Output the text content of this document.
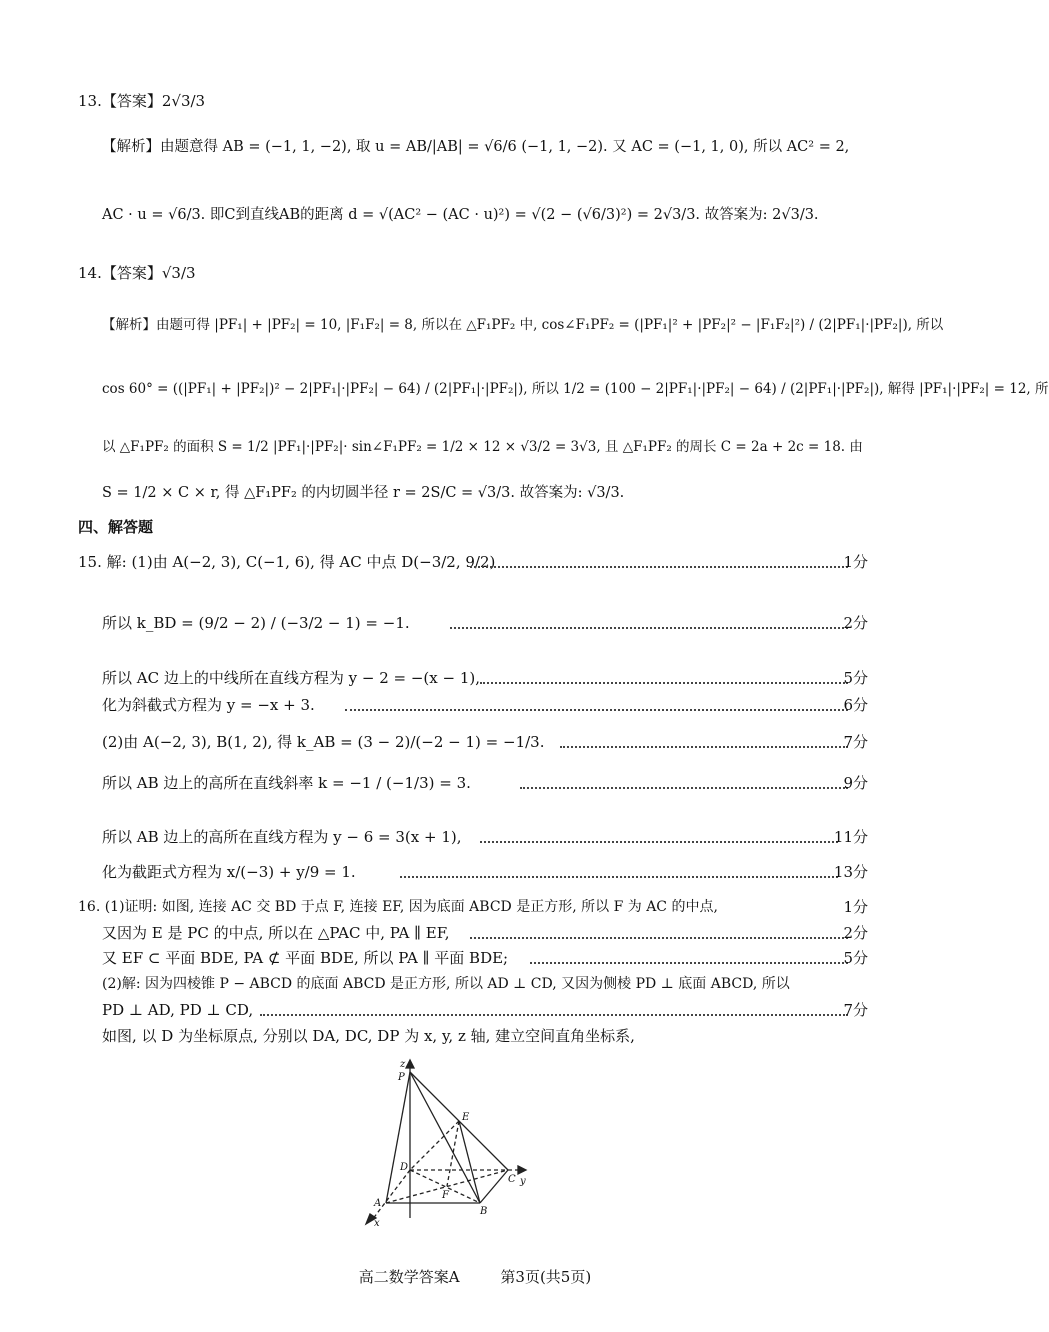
13.【答案】2√3/3
【解析】由题意得 AB = (−1, 1, −2), 取 u = AB/|AB| = √6/6 (−1, 1, −2). 又 AC = (−1, 1, 0), 所以 AC² = 2,
AC · u = √6/3. 即C到直线AB的距离 d = √(AC² − (AC · u)²) = √(2 − (√6/3)²) = 2√3/3. 故答案为: 2√3/3.
14.【答案】√3/3
【解析】由题可得 |PF₁| + |PF₂| = 10, |F₁F₂| = 8, 所以在 △F₁PF₂ 中, cos∠F₁PF₂ = (|PF₁|² + |PF₂|² − |F₁F₂|²) / (2|PF₁|·|PF₂|), 所以
cos 60° = ((|PF₁| + |PF₂|)² − 2|PF₁|·|PF₂| − 64) / (2|PF₁|·|PF₂|), 所以 1/2 = (100 − 2|PF₁|·|PF₂| − 64) / (2|PF₁|·|PF₂|), 解得 |PF₁|·|PF₂| = 12, 所
以 △F₁PF₂ 的面积 S = 1/2 |PF₁|·|PF₂|· sin∠F₁PF₂ = 1/2 × 12 × √3/2 = 3√3, 且 △F₁PF₂ 的周长 C = 2a + 2c = 18. 由
S = 1/2 × C × r, 得 △F₁PF₂ 的内切圆半径 r = 2S/C = √3/3. 故答案为: √3/3.
四、解答题
15. 解: (1)由 A(−2, 3), C(−1, 6), 得 AC 中点 D(−3/2, 9/2)	1分
所以 k_BD = (9/2 − 2) / (−3/2 − 1) = −1.	2分
所以 AC 边上的中线所在直线方程为 y − 2 = −(x − 1),	5分
化为斜截式方程为 y = −x + 3.	6分
(2)由 A(−2, 3), B(1, 2), 得 k_AB = (3 − 2)/(−2 − 1) = −1/3.	7分
所以 AB 边上的高所在直线斜率 k = −1 / (−1/3) = 3.	9分
所以 AB 边上的高所在直线方程为 y − 6 = 3(x + 1),	11分
化为截距式方程为 x/(−3) + y/9 = 1.	13分
16. (1)证明: 如图, 连接 AC 交 BD 于点 F, 连接 EF, 因为底面 ABCD 是正方形, 所以 F 为 AC 的中点,	1分
又因为 E 是 PC 的中点, 所以在 △PAC 中, PA ∥ EF,	2分
又 EF ⊂ 平面 BDE, PA ⊄ 平面 BDE, 所以 PA ∥ 平面 BDE;	5分
(2)解: 因为四棱锥 P − ABCD 的底面 ABCD 是正方形, 所以 AD ⊥ CD, 又因为侧棱 PD ⊥ 底面 ABCD, 所以
PD ⊥ AD, PD ⊥ CD,	7分
如图, 以 D 为坐标原点, 分别以 DA, DC, DP 为 x, y, z 轴, 建立空间直角坐标系,
z
P
E
D
F
C y
A
B
x
高二数学答案A	第3页(共5页)
